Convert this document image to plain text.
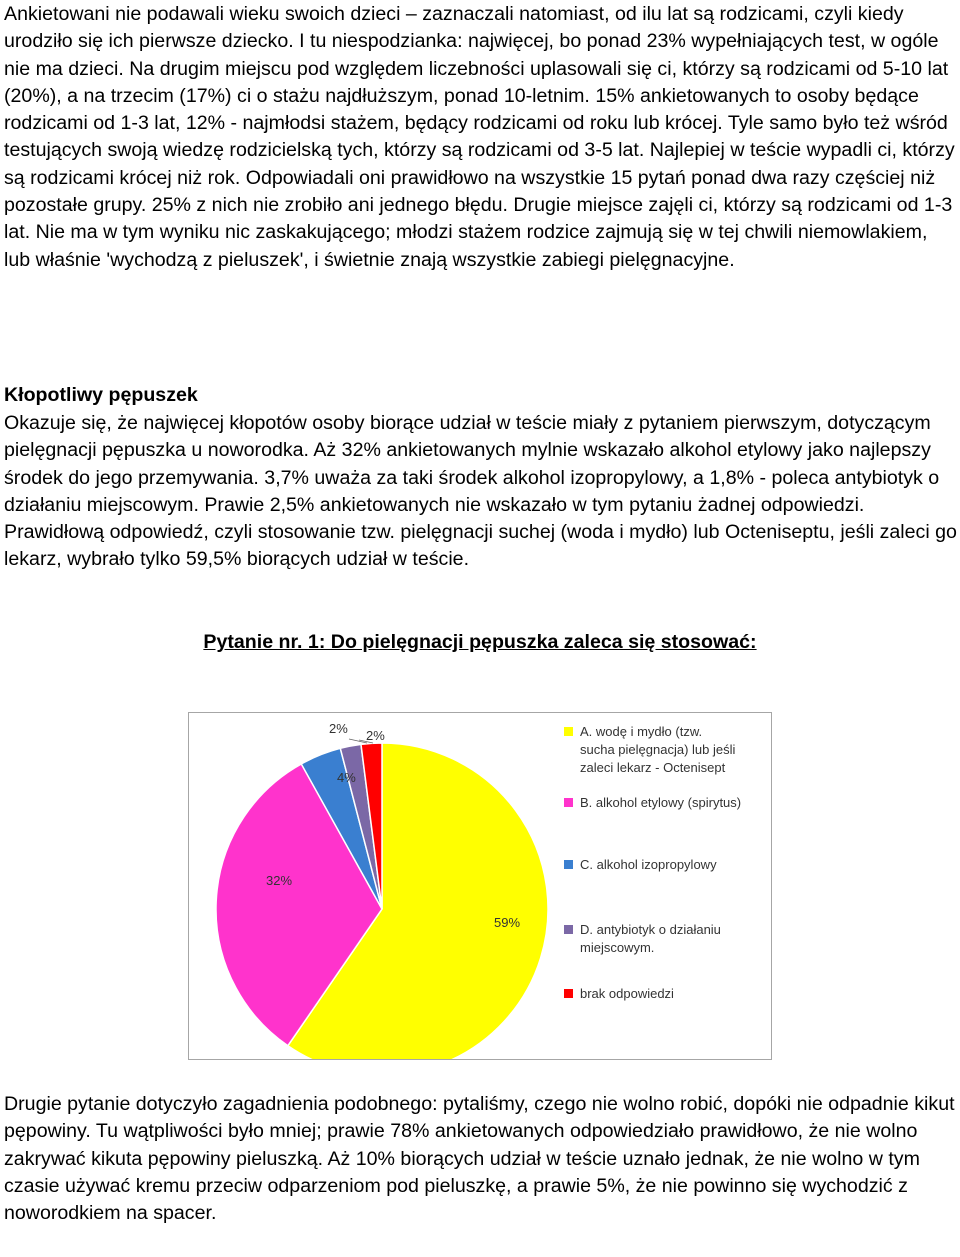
Ankietowani nie podawali wieku swoich dzieci – zaznaczali natomiast, od ilu lat są rodzicami, czyli kiedy urodziło się ich pierwsze dziecko. I tu niespodzianka: najwięcej, bo ponad 23% wypełniających test, w ogóle nie ma dzieci. Na drugim miejscu pod względem liczebności uplasowali się ci, którzy są rodzicami od 5-10 lat (20%), a na trzecim (17%) ci o stażu najdłuższym, ponad 10-letnim. 15% ankietowanych to osoby będące rodzicami od 1-3 lat, 12% - najmłodsi stażem, będący rodzicami od roku lub krócej. Tyle samo było też wśród testujących swoją wiedzę rodzicielską tych, którzy są rodzicami od 3-5 lat. Najlepiej w teście wypadli ci, którzy są rodzicami krócej niż rok. Odpowiadali oni prawidłowo na wszystkie 15 pytań ponad dwa razy częściej niż pozostałe grupy. 25% z nich nie zrobiło ani jednego błędu. Drugie miejsce zajęli ci, którzy są rodzicami od 1-3 lat. Nie ma w tym wyniku nic zaskakującego; młodzi stażem rodzice zajmują się w tej chwili niemowlakiem, lub właśnie 'wychodzą z pieluszek', i świetnie znają wszystkie zabiegi pielęgnacyjne.

Kłopotliwy pępuszek

Okazuje się, że najwięcej kłopotów osoby biorące udział w teście miały z pytaniem pierwszym, dotyczącym pielęgnacji pępuszka u noworodka. Aż 32% ankietowanych mylnie wskazało alkohol etylowy jako najlepszy środek do jego przemywania. 3,7% uważa za taki środek alkohol izopropylowy, a 1,8% - poleca antybiotyk o działaniu miejscowym. Prawie 2,5% ankietowanych nie wskazało w tym pytaniu żadnej odpowiedzi. Prawidłową odpowiedź, czyli stosowanie tzw. pielęgnacji suchej (woda i mydło) lub Octeniseptu, jeśli zaleci go lekarz, wybrało tylko 59,5% biorących udział w teście.

Pytanie nr. 1: Do pielęgnacji pępuszka zaleca się stosować:

59%
32%
4%
2% 2%	A. wodę i mydło (tzw. sucha pielęgnacja) lub jeśli zaleci lekarz - Octenisept
B. alkohol etylowy (spirytus)
C. alkohol izopropylowy
D. antybiotyk o działaniu miejscowym.
brak odpowiedzi

Drugie pytanie dotyczyło zagadnienia podobnego: pytaliśmy, czego nie wolno robić, dopóki nie odpadnie kikut pępowiny. Tu wątpliwości było mniej; prawie 78% ankietowanych odpowiedziało prawidłowo, że nie wolno zakrywać kikuta pępowiny pieluszką. Aż 10% biorących udział w teście uznało jednak, że nie wolno w tym czasie używać kremu przeciw odparzeniom pod pieluszkę, a prawie 5%, że nie powinno się wychodzić z noworodkiem na spacer.
